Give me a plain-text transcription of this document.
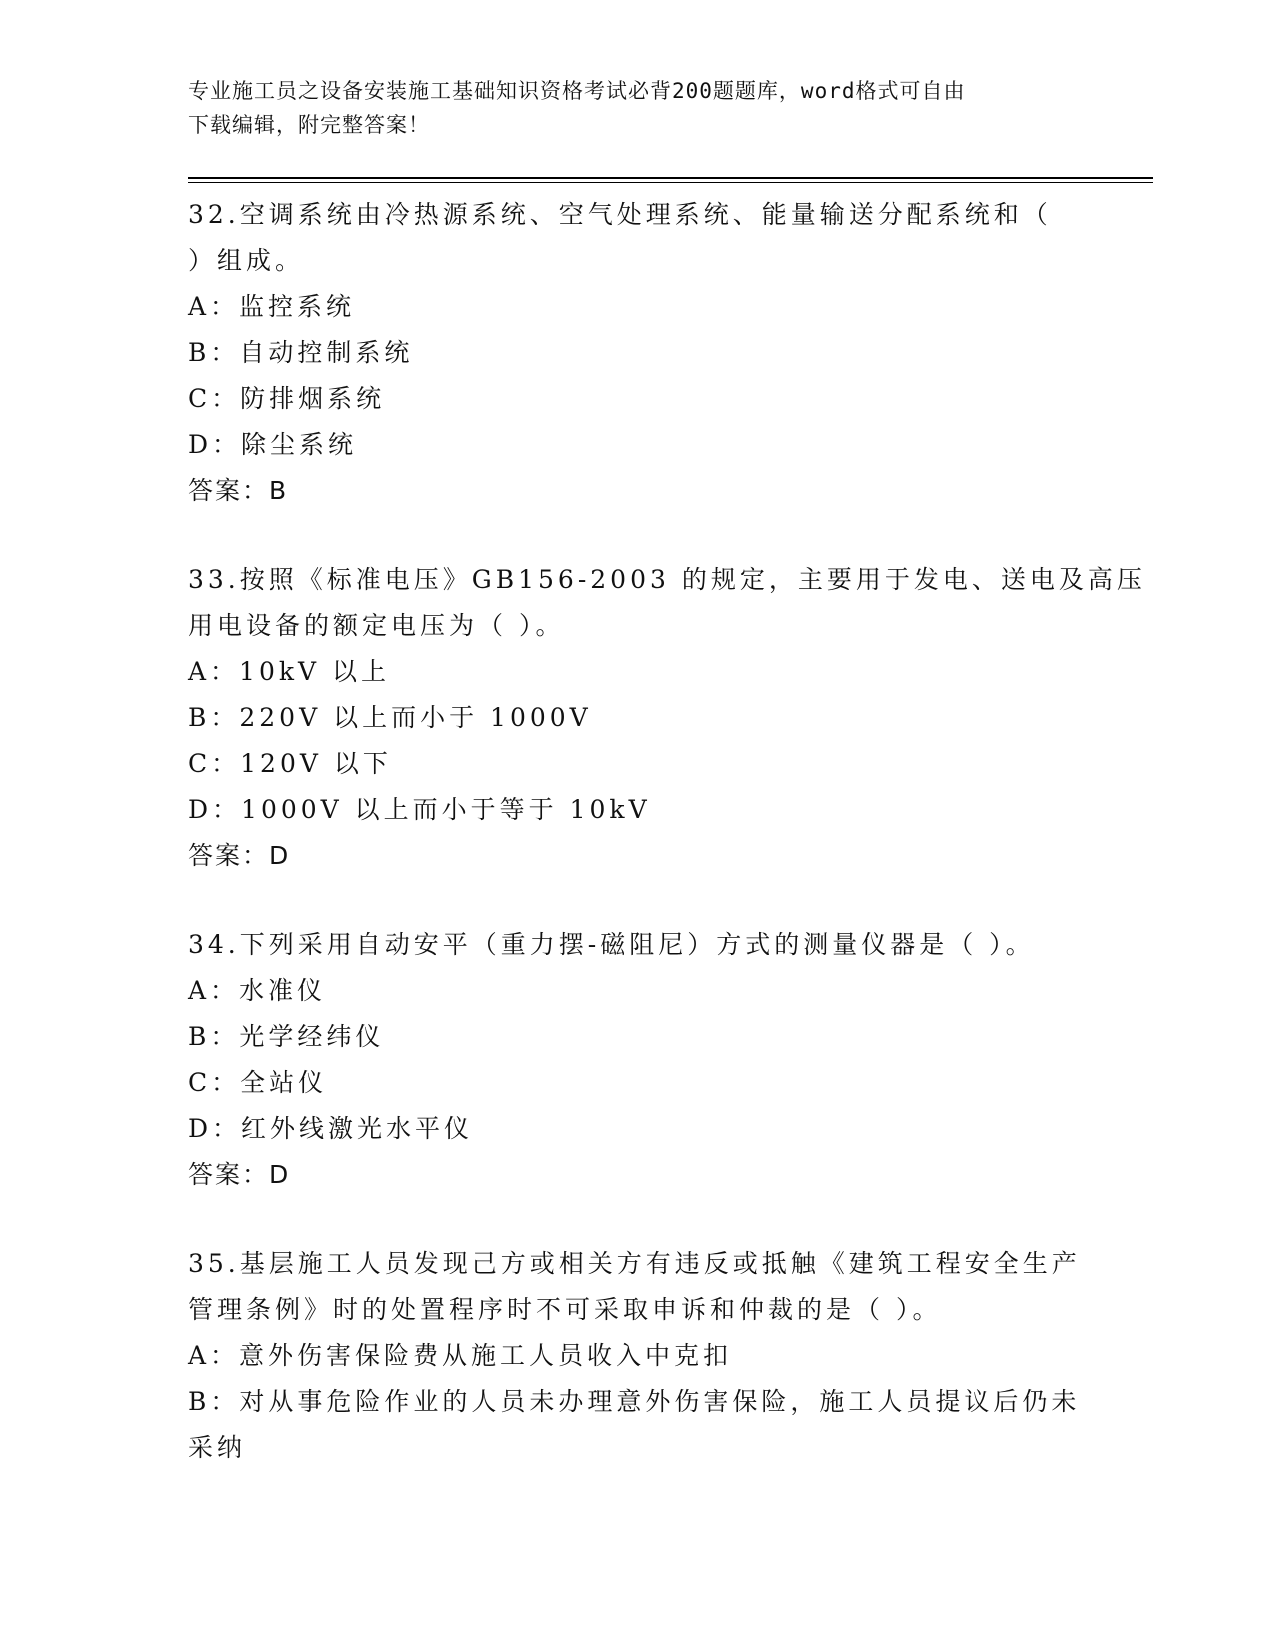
专业施工员之设备安装施工基础知识资格考试必背200题题库，word格式可自由
下载编辑，附完整答案！
32.空调系统由冷热源系统、空气处理系统、能量输送分配系统和（
）组成。
A：监控系统
B：自动控制系统
C：防排烟系统
D：除尘系统
答案：B
33.按照《标准电压》GB156-2003 的规定，主要用于发电、送电及高压
用电设备的额定电压为（ ）。
A：10kV 以上
B：220V 以上而小于 1000V
C：120V 以下
D：1000V 以上而小于等于 10kV
答案：D
34.下列采用自动安平（重力摆-磁阻尼）方式的测量仪器是（ ）。
A：水准仪
B：光学经纬仪
C：全站仪
D：红外线激光水平仪
答案：D
35.基层施工人员发现己方或相关方有违反或抵触《建筑工程安全生产
管理条例》时的处置程序时不可采取申诉和仲裁的是（ ）。
A：意外伤害保险费从施工人员收入中克扣
B：对从事危险作业的人员未办理意外伤害保险，施工人员提议后仍未
采纳
